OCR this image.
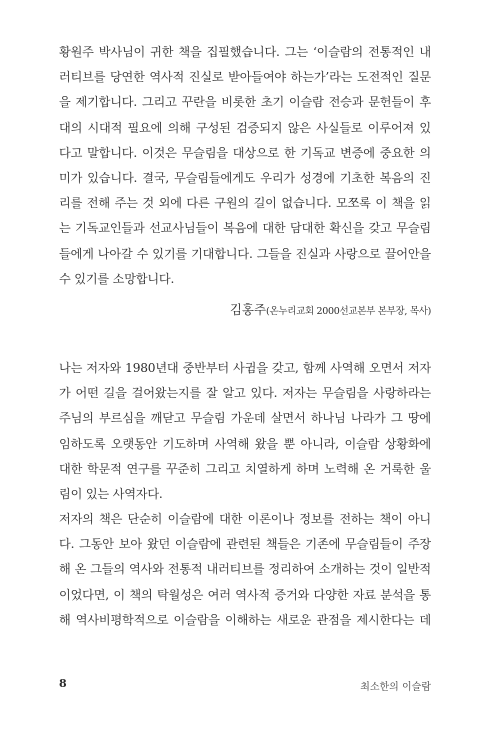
황원주 박사님이 귀한 책을 집필했습니다. 그는 ‘이슬람의 전통적인 내
러티브를 당연한 역사적 진실로 받아들여야 하는가’라는 도전적인 질문
을 제기합니다. 그리고 꾸란을 비롯한 초기 이슬람 전승과 문헌들이 후
대의 시대적 필요에 의해 구성된 검증되지 않은 사실들로 이루어져 있
다고 말합니다. 이것은 무슬림을 대상으로 한 기독교 변증에 중요한 의
미가 있습니다. 결국, 무슬림들에게도 우리가 성경에 기초한 복음의 진
리를 전해 주는 것 외에 다른 구원의 길이 없습니다. 모쪼록 이 책을 읽
는 기독교인들과 선교사님들이 복음에 대한 담대한 확신을 갖고 무슬림
들에게 나아갈 수 있기를 기대합니다. 그들을 진실과 사랑으로 끌어안을
수 있기를 소망합니다.
김홍주(온누리교회 2000선교본부 본부장, 목사)
나는 저자와 1980년대 중반부터 사귐을 갖고, 함께 사역해 오면서 저자
가 어떤 길을 걸어왔는지를 잘 알고 있다. 저자는 무슬림을 사랑하라는
주님의 부르심을 깨닫고 무슬림 가운데 살면서 하나님 나라가 그 땅에
임하도록 오랫동안 기도하며 사역해 왔을 뿐 아니라, 이슬람 상황화에
대한 학문적 연구를 꾸준히 그리고 치열하게 하며 노력해 온 거룩한 울
림이 있는 사역자다.
저자의 책은 단순히 이슬람에 대한 이론이나 정보를 전하는 책이 아니
다. 그동안 보아 왔던 이슬람에 관련된 책들은 기존에 무슬림들이 주장
해 온 그들의 역사와 전통적 내러티브를 정리하여 소개하는 것이 일반적
이었다면, 이 책의 탁월성은 여러 역사적 증거와 다양한 자료 분석을 통
해 역사비평학적으로 이슬람을 이해하는 새로운 관점을 제시한다는 데
8	최소한의 이슬람
